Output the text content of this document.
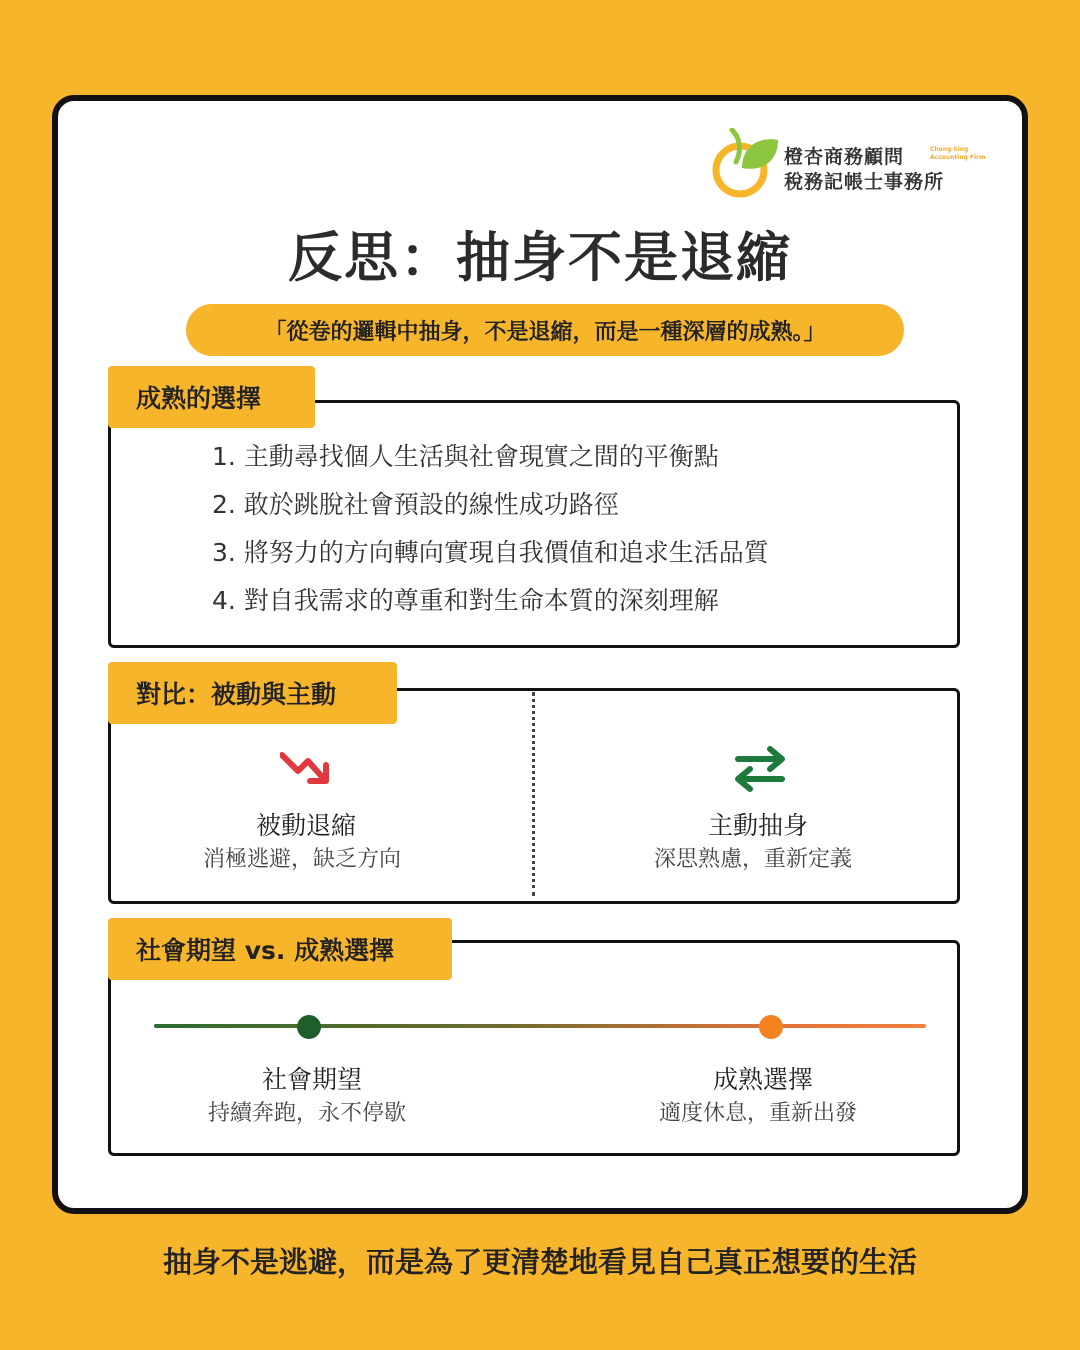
橙杏商務顧問
稅務記帳士事務所
Cheng Sing
Accounting Firm
反思：抽身不是退縮
「從卷的邏輯中抽身，不是退縮，而是一種深層的成熟。」
成熟的選擇
1. 主動尋找個人生活與社會現實之間的平衡點
2. 敢於跳脫社會預設的線性成功路徑
3. 將努力的方向轉向實現自我價值和追求生活品質
4. 對自我需求的尊重和對生命本質的深刻理解
對比：被動與主動
被動退縮
消極逃避，缺乏方向
主動抽身
深思熟慮，重新定義
社會期望 vs. 成熟選擇
社會期望
持續奔跑，永不停歇
成熟選擇
適度休息，重新出發
抽身不是逃避，而是為了更清楚地看見自己真正想要的生活
